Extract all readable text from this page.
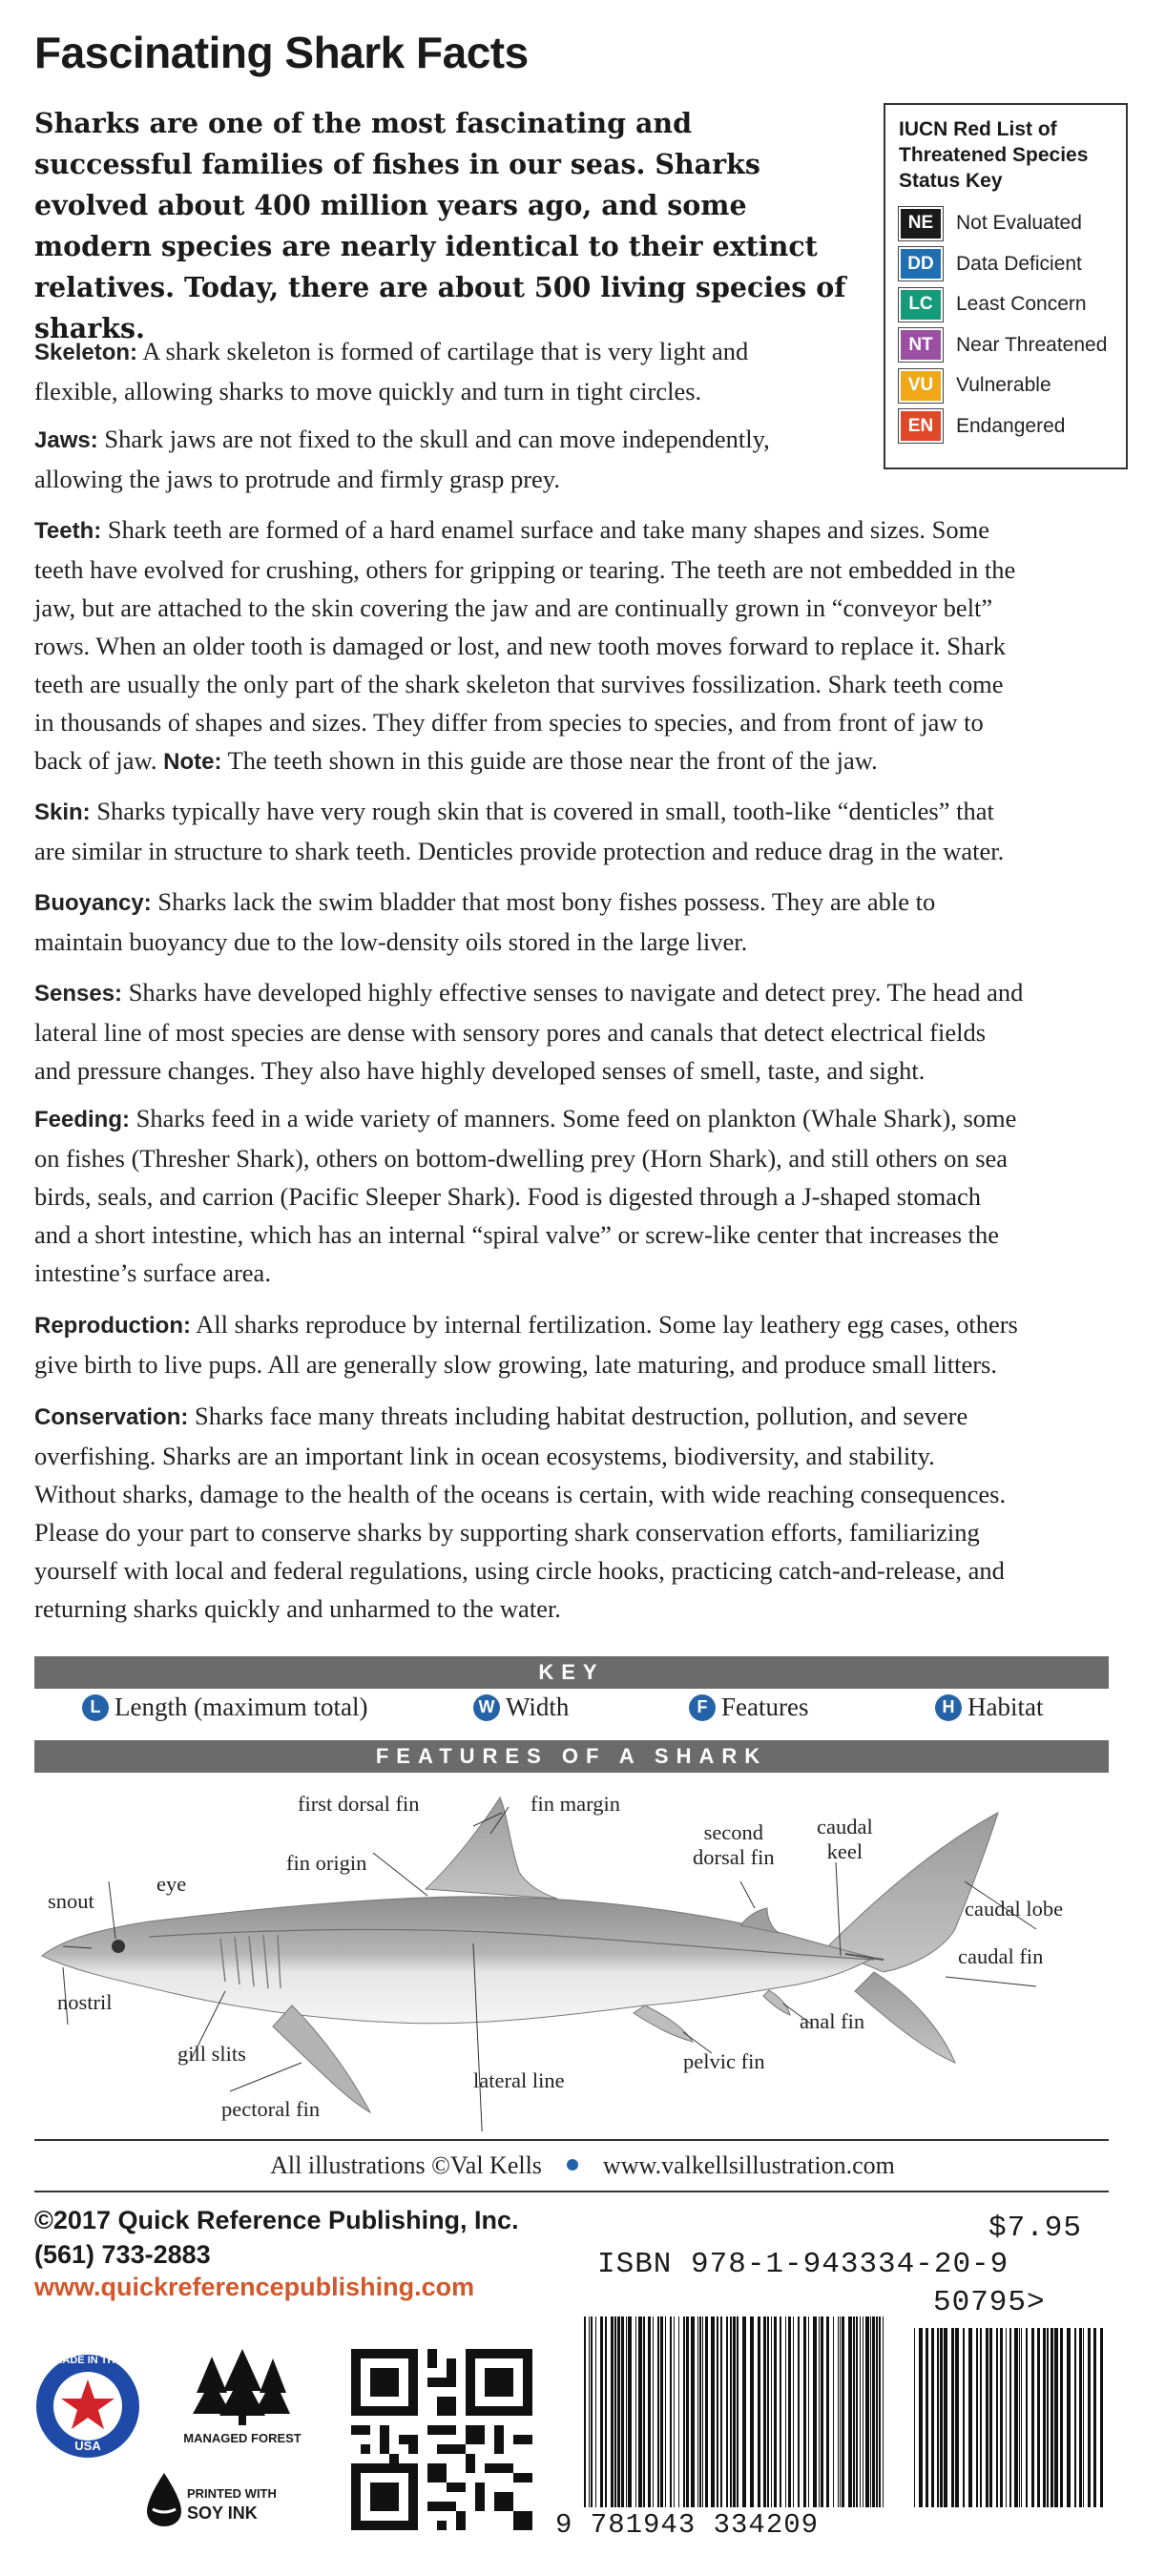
Fascinating Shark Facts
Sharks are one of the most fascinating and successful families of fishes in our seas. Sharks evolved about 400 million years ago, and some modern species are nearly identical to their extinct relatives. Today, there are about 500 living species of sharks.
IUCN Red List of
Threatened Species
Status Key
NE	Not Evaluated
DD	Data Deficient
LC	Least Concern
NT	Near Threatened
VU	Vulnerable
EN	Endangered
Skeleton: A shark skeleton is formed of cartilage that is very light and
flexible, allowing sharks to move quickly and turn in tight circles.
Jaws: Shark jaws are not fixed to the skull and can move independently,
allowing the jaws to protrude and firmly grasp prey.
Teeth: Shark teeth are formed of a hard enamel surface and take many shapes and sizes. Some
teeth have evolved for crushing, others for gripping or tearing. The teeth are not embedded in the
jaw, but are attached to the skin covering the jaw and are continually grown in “conveyor belt”
rows. When an older tooth is damaged or lost, and new tooth moves forward to replace it. Shark
teeth are usually the only part of the shark skeleton that survives fossilization. Shark teeth come
in thousands of shapes and sizes. They differ from species to species, and from front of jaw to
back of jaw. Note: The teeth shown in this guide are those near the front of the jaw.
Skin: Sharks typically have very rough skin that is covered in small, tooth-like “denticles” that
are similar in structure to shark teeth. Denticles provide protection and reduce drag in the water.
Buoyancy: Sharks lack the swim bladder that most bony fishes possess. They are able to
maintain buoyancy due to the low-density oils stored in the large liver.
Senses: Sharks have developed highly effective senses to navigate and detect prey. The head and
lateral line of most species are dense with sensory pores and canals that detect electrical fields
and pressure changes. They also have highly developed senses of smell, taste, and sight.
Feeding: Sharks feed in a wide variety of manners. Some feed on plankton (Whale Shark), some
on fishes (Thresher Shark), others on bottom-dwelling prey (Horn Shark), and still others on sea
birds, seals, and carrion (Pacific Sleeper Shark). Food is digested through a J-shaped stomach
and a short intestine, which has an internal “spiral valve” or screw-like center that increases the
intestine’s surface area.
Reproduction: All sharks reproduce by internal fertilization. Some lay leathery egg cases, others
give birth to live pups. All are generally slow growing, late maturing, and produce small litters.
Conservation: Sharks face many threats including habitat destruction, pollution, and severe
overfishing. Sharks are an important link in ocean ecosystems, biodiversity, and stability.
Without sharks, damage to the health of the oceans is certain, with wide reaching consequences.
Please do your part to conserve sharks by supporting shark conservation efforts, familiarizing
yourself with local and federal regulations, using circle hooks, practicing catch-and-release, and
returning sharks quickly and unharmed to the water.
KEY
L Length (maximum total)	W Width	F Features	H Habitat
FEATURES OF A SHARK
first dorsal fin	fin margin
fin origin
second
dorsal fin
caudal
keel
snout
eye
caudal lobe
caudal fin
nostril
gill slits
anal fin
pelvic fin
lateral line
pectoral fin
All illustrations ©Val Kells www.valkellsillustration.com
©2017 Quick Reference Publishing, Inc.
(561) 733-2883
www.quickreferencepublishing.com
$7.95
ISBN 978-1-943334-20-9
50795>
MADE IN THE
USA
MANAGED FOREST
PRINTED WITH
SOY INK	9 781943 334209
